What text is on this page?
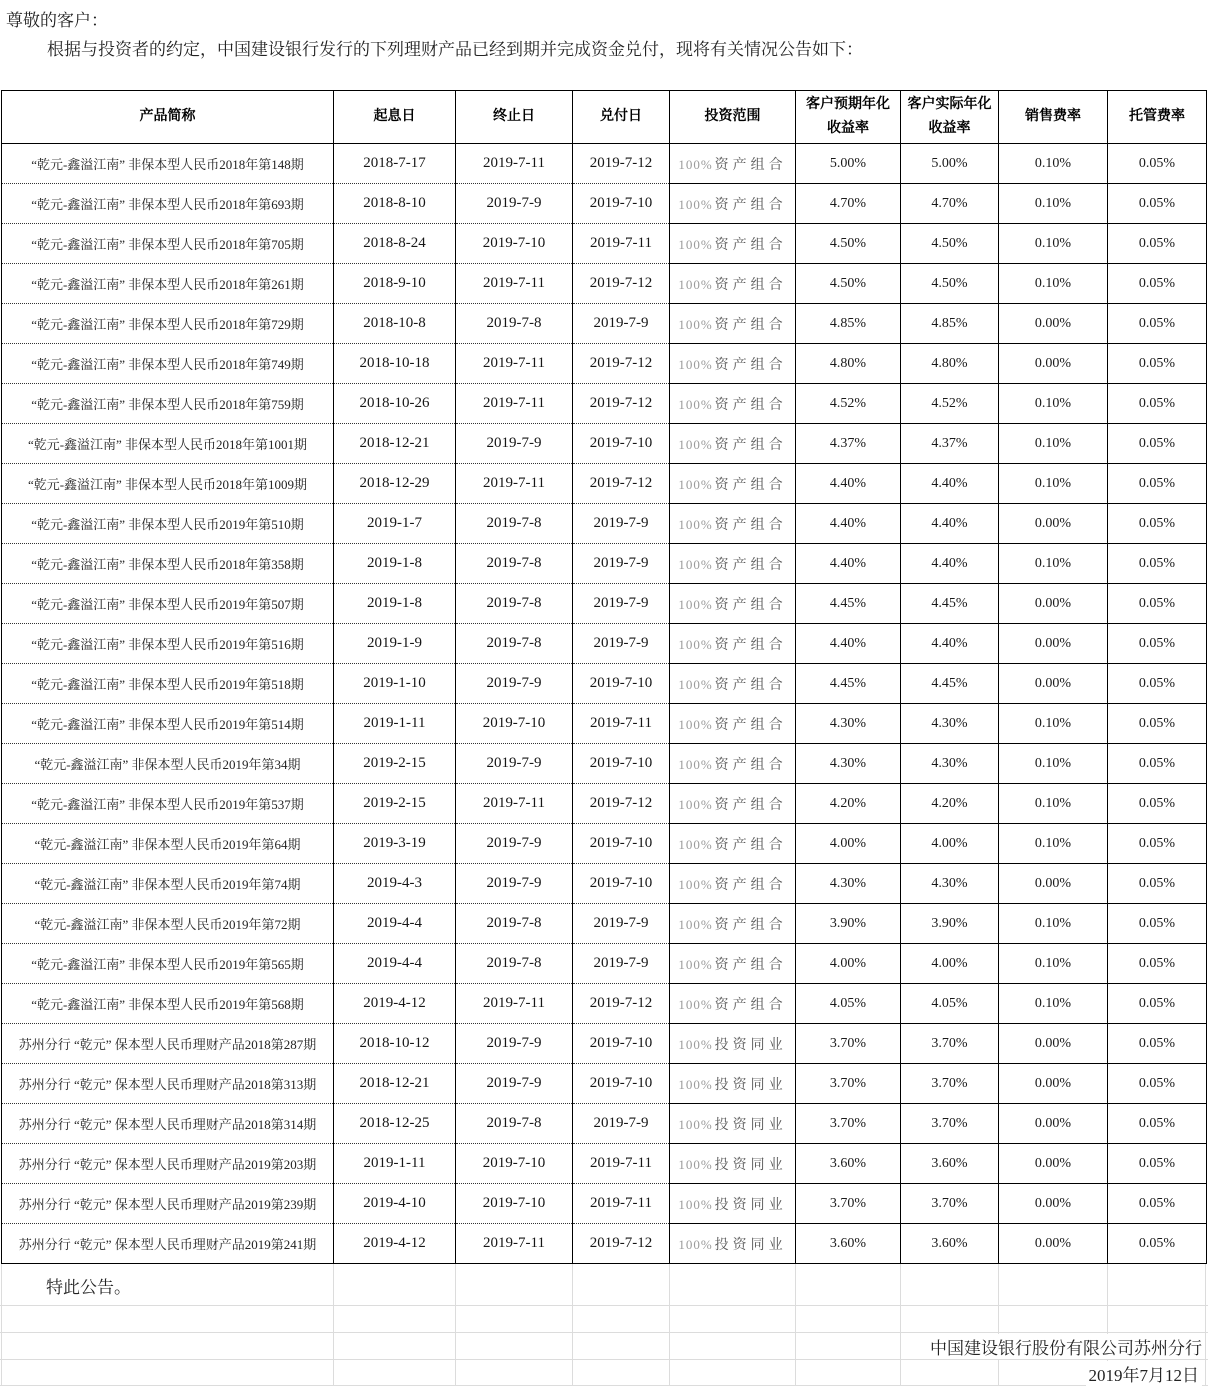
尊敬的客户：
根据与投资者的约定，中国建设银行发行的下列理财产品已经到期并完成资金兑付，现将有关情况公告如下：
产品简称	起息日	终止日	兑付日	投资范围	客户预期年化收益率	客户实际年化收益率	销售费率	托管费率
“乾元-鑫溢江南” 非保本型人民币2018年第148期	2018-7-17	2019-7-11	2019-7-12	100% 资产组合	5.00%	5.00%	0.10%	0.05%
“乾元-鑫溢江南” 非保本型人民币2018年第693期	2018-8-10	2019-7-9	2019-7-10	100% 资产组合	4.70%	4.70%	0.10%	0.05%
“乾元-鑫溢江南” 非保本型人民币2018年第705期	2018-8-24	2019-7-10	2019-7-11	100% 资产组合	4.50%	4.50%	0.10%	0.05%
“乾元-鑫溢江南” 非保本型人民币2018年第261期	2018-9-10	2019-7-11	2019-7-12	100% 资产组合	4.50%	4.50%	0.10%	0.05%
“乾元-鑫溢江南” 非保本型人民币2018年第729期	2018-10-8	2019-7-8	2019-7-9	100% 资产组合	4.85%	4.85%	0.00%	0.05%
“乾元-鑫溢江南” 非保本型人民币2018年第749期	2018-10-18	2019-7-11	2019-7-12	100% 资产组合	4.80%	4.80%	0.00%	0.05%
“乾元-鑫溢江南” 非保本型人民币2018年第759期	2018-10-26	2019-7-11	2019-7-12	100% 资产组合	4.52%	4.52%	0.10%	0.05%
“乾元-鑫溢江南” 非保本型人民币2018年第1001期	2018-12-21	2019-7-9	2019-7-10	100% 资产组合	4.37%	4.37%	0.10%	0.05%
“乾元-鑫溢江南” 非保本型人民币2018年第1009期	2018-12-29	2019-7-11	2019-7-12	100% 资产组合	4.40%	4.40%	0.10%	0.05%
“乾元-鑫溢江南” 非保本型人民币2019年第510期	2019-1-7	2019-7-8	2019-7-9	100% 资产组合	4.40%	4.40%	0.00%	0.05%
“乾元-鑫溢江南” 非保本型人民币2018年第358期	2019-1-8	2019-7-8	2019-7-9	100% 资产组合	4.40%	4.40%	0.10%	0.05%
“乾元-鑫溢江南” 非保本型人民币2019年第507期	2019-1-8	2019-7-8	2019-7-9	100% 资产组合	4.45%	4.45%	0.00%	0.05%
“乾元-鑫溢江南” 非保本型人民币2019年第516期	2019-1-9	2019-7-8	2019-7-9	100% 资产组合	4.40%	4.40%	0.00%	0.05%
“乾元-鑫溢江南” 非保本型人民币2019年第518期	2019-1-10	2019-7-9	2019-7-10	100% 资产组合	4.45%	4.45%	0.00%	0.05%
“乾元-鑫溢江南” 非保本型人民币2019年第514期	2019-1-11	2019-7-10	2019-7-11	100% 资产组合	4.30%	4.30%	0.10%	0.05%
“乾元-鑫溢江南” 非保本型人民币2019年第34期	2019-2-15	2019-7-9	2019-7-10	100% 资产组合	4.30%	4.30%	0.10%	0.05%
“乾元-鑫溢江南” 非保本型人民币2019年第537期	2019-2-15	2019-7-11	2019-7-12	100% 资产组合	4.20%	4.20%	0.10%	0.05%
“乾元-鑫溢江南” 非保本型人民币2019年第64期	2019-3-19	2019-7-9	2019-7-10	100% 资产组合	4.00%	4.00%	0.10%	0.05%
“乾元-鑫溢江南” 非保本型人民币2019年第74期	2019-4-3	2019-7-9	2019-7-10	100% 资产组合	4.30%	4.30%	0.00%	0.05%
“乾元-鑫溢江南” 非保本型人民币2019年第72期	2019-4-4	2019-7-8	2019-7-9	100% 资产组合	3.90%	3.90%	0.10%	0.05%
“乾元-鑫溢江南” 非保本型人民币2019年第565期	2019-4-4	2019-7-8	2019-7-9	100% 资产组合	4.00%	4.00%	0.10%	0.05%
“乾元-鑫溢江南” 非保本型人民币2019年第568期	2019-4-12	2019-7-11	2019-7-12	100% 资产组合	4.05%	4.05%	0.10%	0.05%
苏州分行 “乾元” 保本型人民币理财产品2018第287期	2018-10-12	2019-7-9	2019-7-10	100% 投资同业	3.70%	3.70%	0.00%	0.05%
苏州分行 “乾元” 保本型人民币理财产品2018第313期	2018-12-21	2019-7-9	2019-7-10	100% 投资同业	3.70%	3.70%	0.00%	0.05%
苏州分行 “乾元” 保本型人民币理财产品2018第314期	2018-12-25	2019-7-8	2019-7-9	100% 投资同业	3.70%	3.70%	0.00%	0.05%
苏州分行 “乾元” 保本型人民币理财产品2019第203期	2019-1-11	2019-7-10	2019-7-11	100% 投资同业	3.60%	3.60%	0.00%	0.05%
苏州分行 “乾元” 保本型人民币理财产品2019第239期	2019-4-10	2019-7-10	2019-7-11	100% 投资同业	3.70%	3.70%	0.00%	0.05%
苏州分行 “乾元” 保本型人民币理财产品2019第241期	2019-4-12	2019-7-11	2019-7-12	100% 投资同业	3.60%	3.60%	0.00%	0.05%
特此公告。
中国建设银行股份有限公司苏州分行
2019年7月12日
